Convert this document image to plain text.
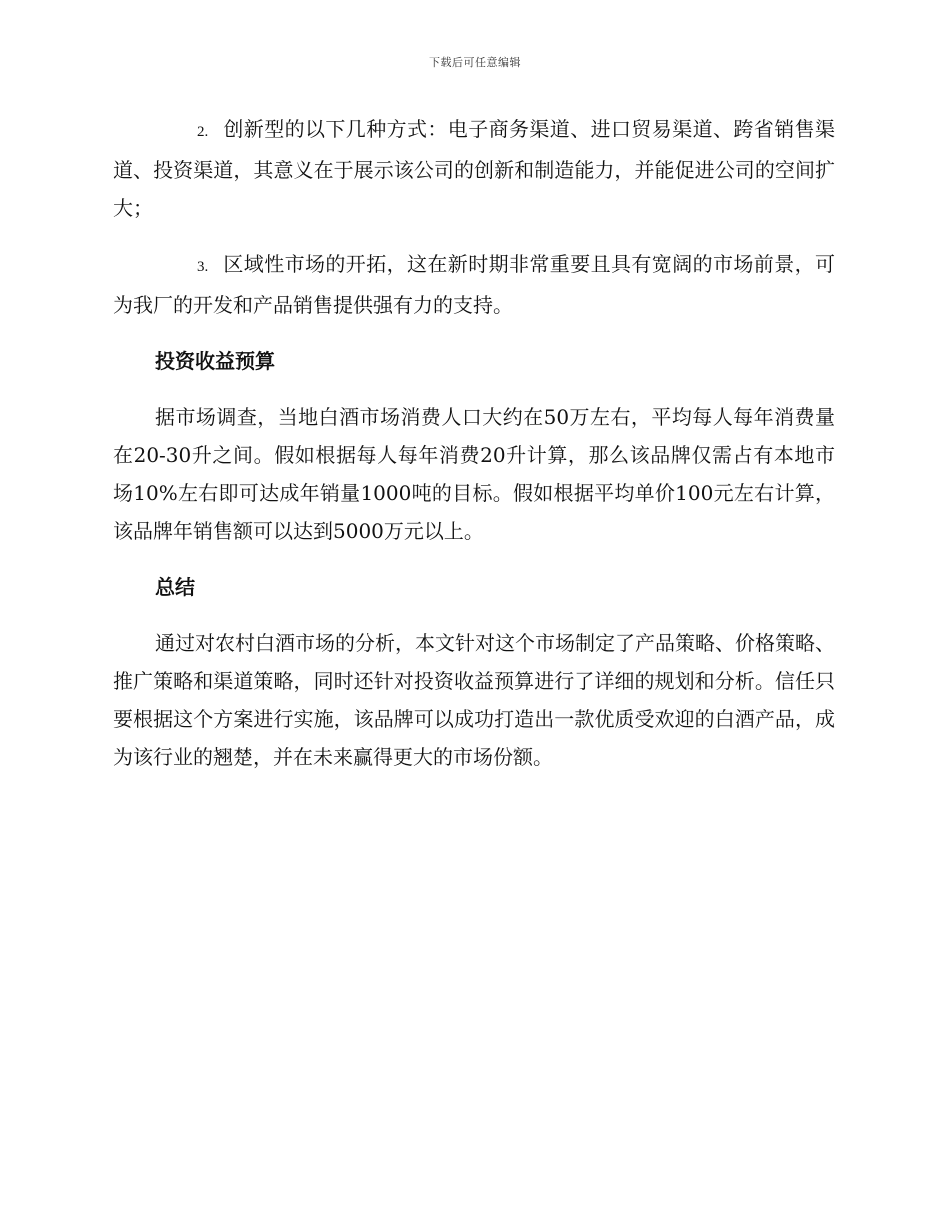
下载后可任意编辑

2. 创新型的以下几种方式：电子商务渠道、进口贸易渠道、跨省销售渠道、投资渠道，其意义在于展示该公司的创新和制造能力，并能促进公司的空间扩大；

3. 区域性市场的开拓，这在新时期非常重要且具有宽阔的市场前景，可为我厂的开发和产品销售提供强有力的支持。

投资收益预算

据市场调查，当地白酒市场消费人口大约在50万左右，平均每人每年消费量在20-30升之间。假如根据每人每年消费20升计算，那么该品牌仅需占有本地市场10%左右即可达成年销量1000吨的目标。假如根据平均单价100元左右计算，该品牌年销售额可以达到5000万元以上。

总结

通过对农村白酒市场的分析，本文针对这个市场制定了产品策略、价格策略、推广策略和渠道策略，同时还针对投资收益预算进行了详细的规划和分析。信任只要根据这个方案进行实施，该品牌可以成功打造出一款优质受欢迎的白酒产品，成为该行业的翘楚，并在未来赢得更大的市场份额。
